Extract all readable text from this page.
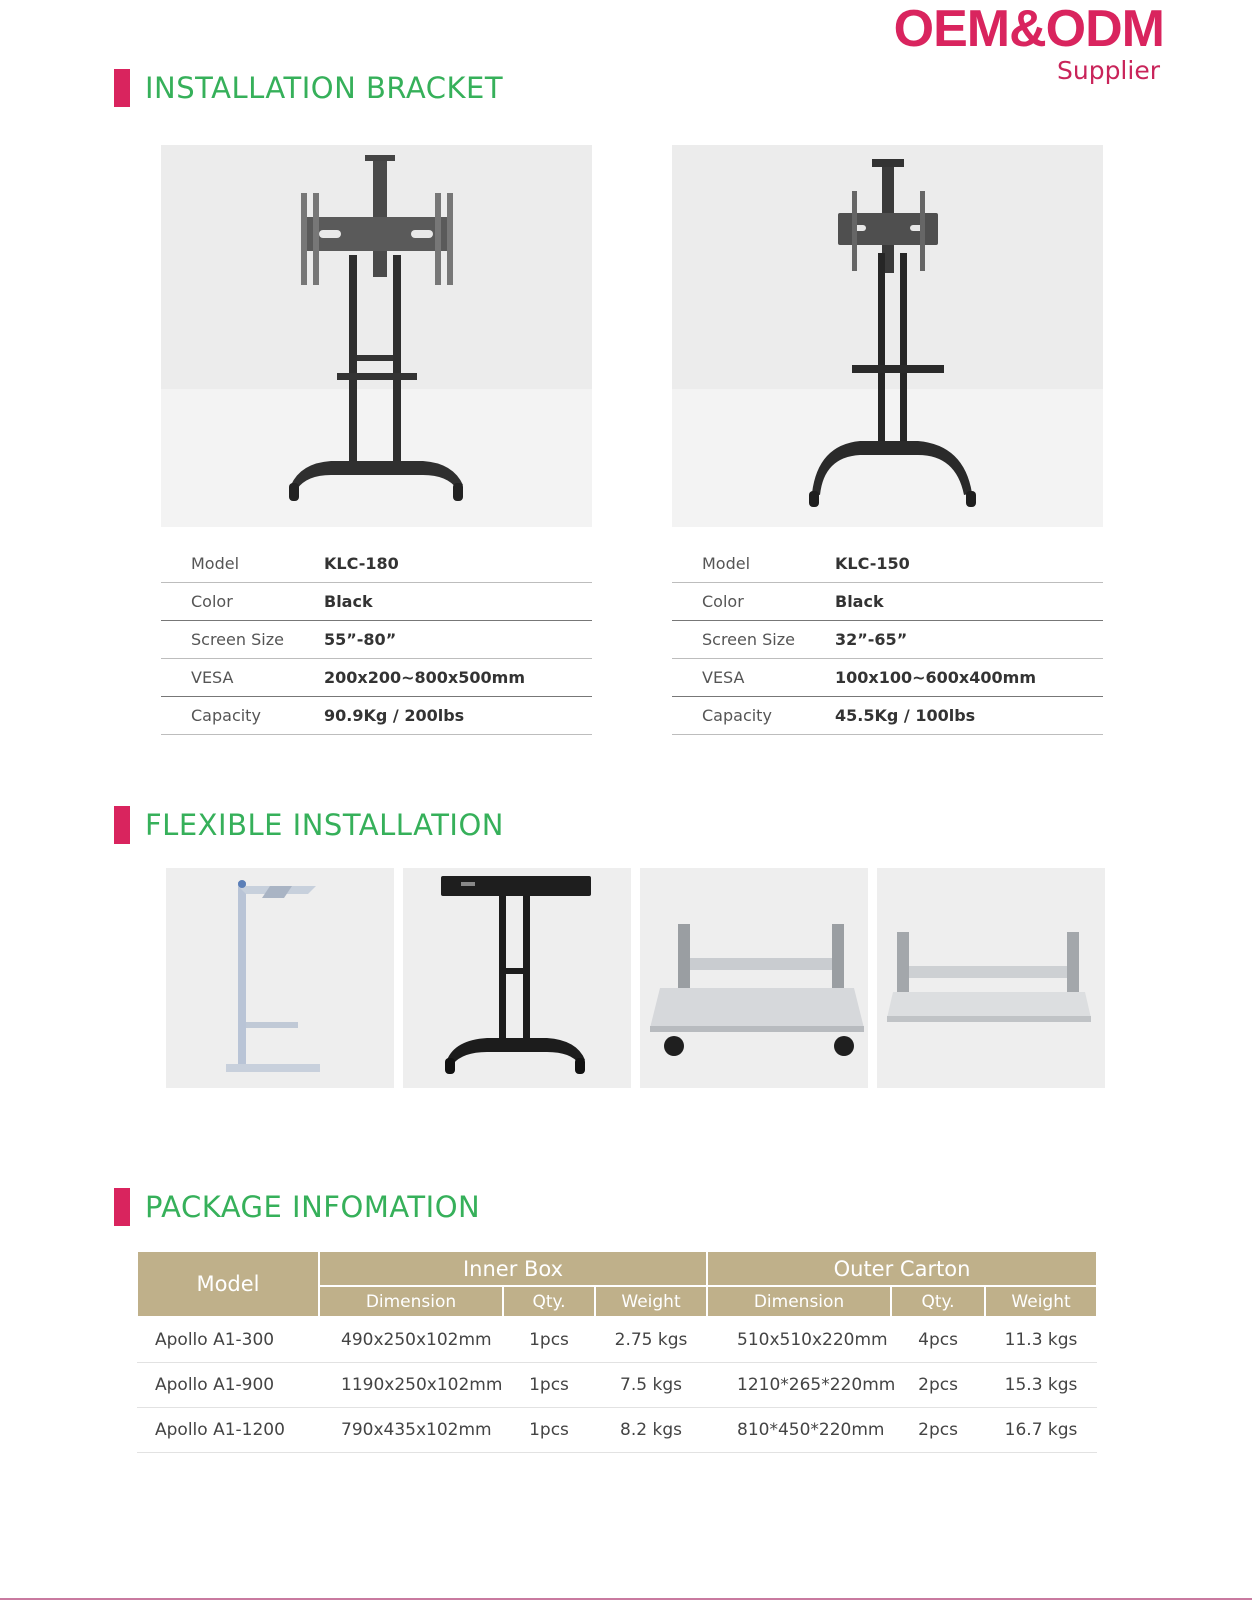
OEM&ODM
Supplier
INSTALLATION BRACKET
Model	KLC-180
Color	Black
Screen Size	55”-80”
VESA	200x200~800x500mm
Capacity	90.9Kg / 200lbs
Model	KLC-150
Color	Black
Screen Size	32”-65”
VESA	100x100~600x400mm
Capacity	45.5Kg / 100lbs
FLEXIBLE INSTALLATION
PACKAGE INFOMATION
Model	Inner Box			Outer Carton		
	Dimension	Qty.	Weight	Dimension	Qty.	Weight
Apollo A1-300	490x250x102mm	1pcs	2.75 kgs	510x510x220mm	4pcs	11.3 kgs
Apollo A1-900	1190x250x102mm	1pcs	7.5 kgs	1210*265*220mm	2pcs	15.3 kgs
Apollo A1-1200	790x435x102mm	1pcs	8.2 kgs	810*450*220mm	2pcs	16.7 kgs
